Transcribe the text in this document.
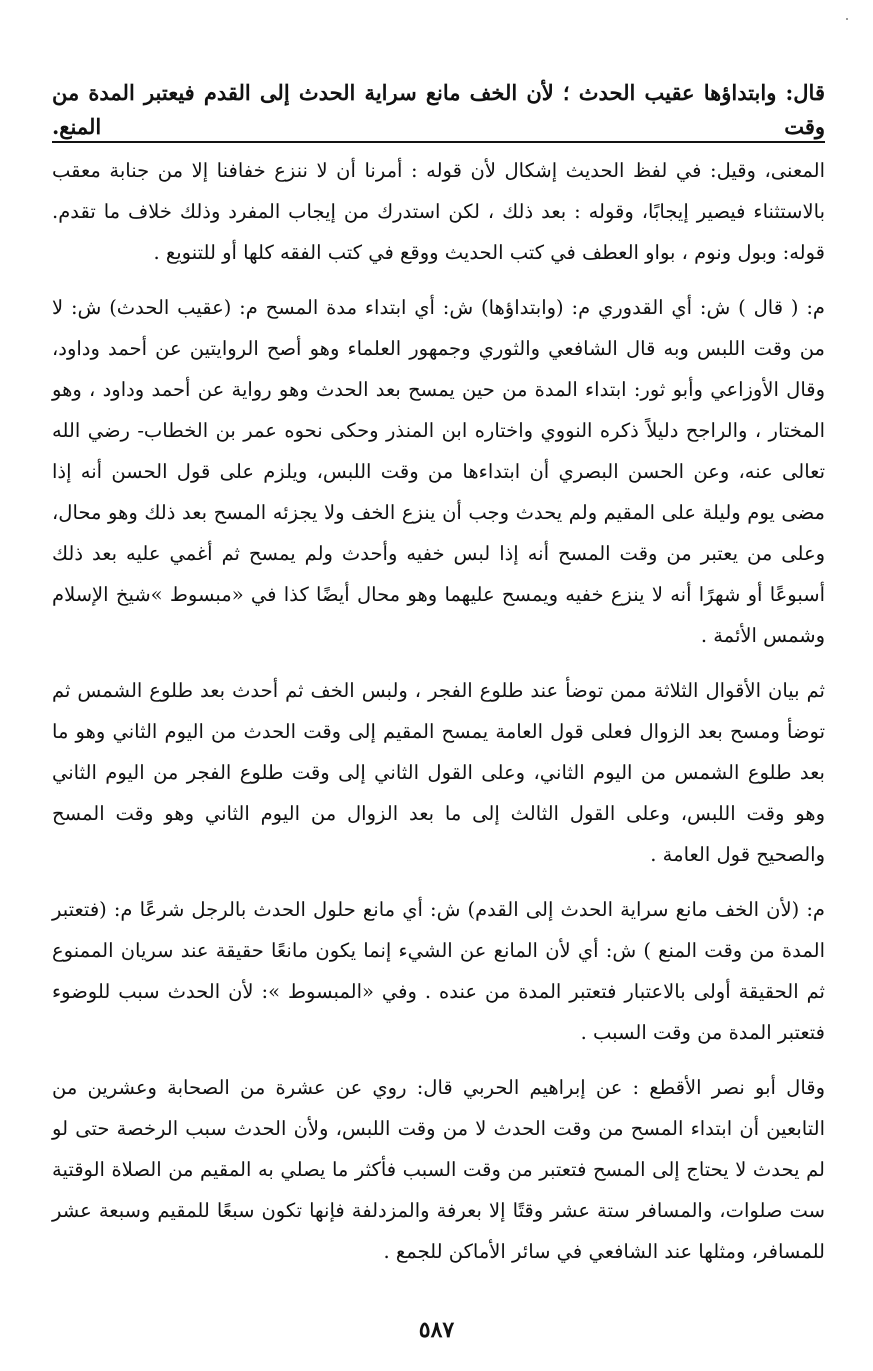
قال: وابتداؤها عقيب الحدث ؛ لأن الخف مانع سراية الحدث إلى القدم فيعتبر المدة من وقت المنع.

المعنى، وقيل: في لفظ الحديث إشكال لأن قوله : أمرنا أن لا ننزع خفافنا إلا من جنابة معقب بالاستثناء فيصير إيجابًا، وقوله : بعد ذلك ، لكن استدرك من إيجاب المفرد وذلك خلاف ما تقدم. قوله: وبول ونوم ، بواو العطف في كتب الحديث ووقع في كتب الفقه كلها أو للتنويع .

م: ( قال ) ش: أي القدوري م: (وابتداؤها) ش: أي ابتداء مدة المسح م: (عقيب الحدث) ش: لا من وقت اللبس وبه قال الشافعي والثوري وجمهور العلماء وهو أصح الروايتين عن أحمد وداود، وقال الأوزاعي وأبو ثور: ابتداء المدة من حين يمسح بعد الحدث وهو رواية عن أحمد وداود ، وهو المختار ، والراجح دليلاً ذكره النووي واختاره ابن المنذر وحكى نحوه عمر بن الخطاب- رضي الله تعالى عنه، وعن الحسن البصري أن ابتداءها من وقت اللبس، ويلزم على قول الحسن أنه إذا مضى يوم وليلة على المقيم ولم يحدث وجب أن ينزع الخف ولا يجزئه المسح بعد ذلك وهو محال، وعلى من يعتبر من وقت المسح أنه إذا لبس خفيه وأحدث ولم يمسح ثم أغمي عليه بعد ذلك أسبوعًا أو شهرًا أنه لا ينزع خفيه ويمسح عليهما وهو محال أيضًا كذا في «مبسوط »شيخ الإسلام وشمس الأئمة .

ثم بيان الأقوال الثلاثة ممن توضأ عند طلوع الفجر ، ولبس الخف ثم أحدث بعد طلوع الشمس ثم توضأ ومسح بعد الزوال فعلى قول العامة يمسح المقيم إلى وقت الحدث من اليوم الثاني وهو ما بعد طلوع الشمس من اليوم الثاني، وعلى القول الثاني إلى وقت طلوع الفجر من اليوم الثاني وهو وقت اللبس، وعلى القول الثالث إلى ما بعد الزوال من اليوم الثاني وهو وقت المسح والصحيح قول العامة .

م: (لأن الخف مانع سراية الحدث إلى القدم) ش: أي مانع حلول الحدث بالرجل شرعًا م: (فتعتبر المدة من وقت المنع ) ش: أي لأن المانع عن الشيء إنما يكون مانعًا حقيقة عند سريان الممنوع ثم الحقيقة أولى بالاعتبار فتعتبر المدة من عنده . وفي «المبسوط »: لأن الحدث سبب للوضوء فتعتبر المدة من وقت السبب .

وقال أبو نصر الأقطع : عن إبراهيم الحربي قال: روي عن عشرة من الصحابة وعشرين من التابعين أن ابتداء المسح من وقت الحدث لا من وقت اللبس، ولأن الحدث سبب الرخصة حتى لو لم يحدث لا يحتاج إلى المسح فتعتبر من وقت السبب فأكثر ما يصلي به المقيم من الصلاة الوقتية ست صلوات، والمسافر ستة عشر وقتًا إلا بعرفة والمزدلفة فإنها تكون سبعًا للمقيم وسبعة عشر للمسافر، ومثلها عند الشافعي في سائر الأماكن للجمع .

٥٨٧
